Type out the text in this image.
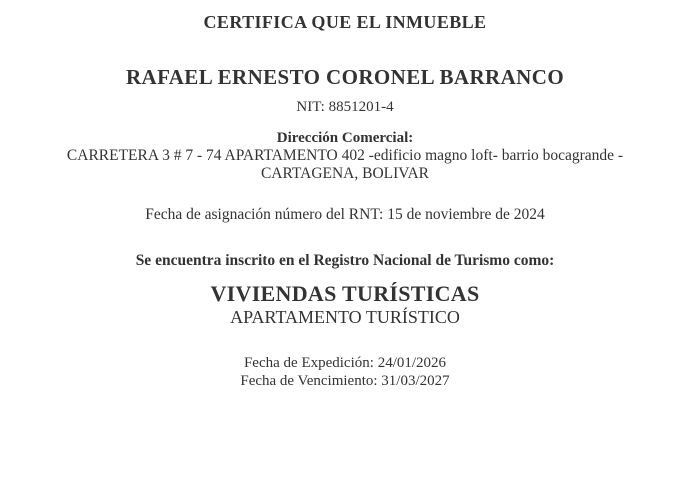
CERTIFICA QUE EL INMUEBLE
RAFAEL ERNESTO CORONEL BARRANCO
NIT: 8851201-4
Dirección Comercial:
CARRETERA 3 # 7 - 74 APARTAMENTO 402 -edificio magno loft- barrio bocagrande -
CARTAGENA, BOLIVAR
Fecha de asignación número del RNT: 15 de noviembre de 2024
Se encuentra inscrito en el Registro Nacional de Turismo como:
VIVIENDAS TURÍSTICAS
APARTAMENTO TURÍSTICO
Fecha de Expedición: 24/01/2026
Fecha de Vencimiento: 31/03/2027
